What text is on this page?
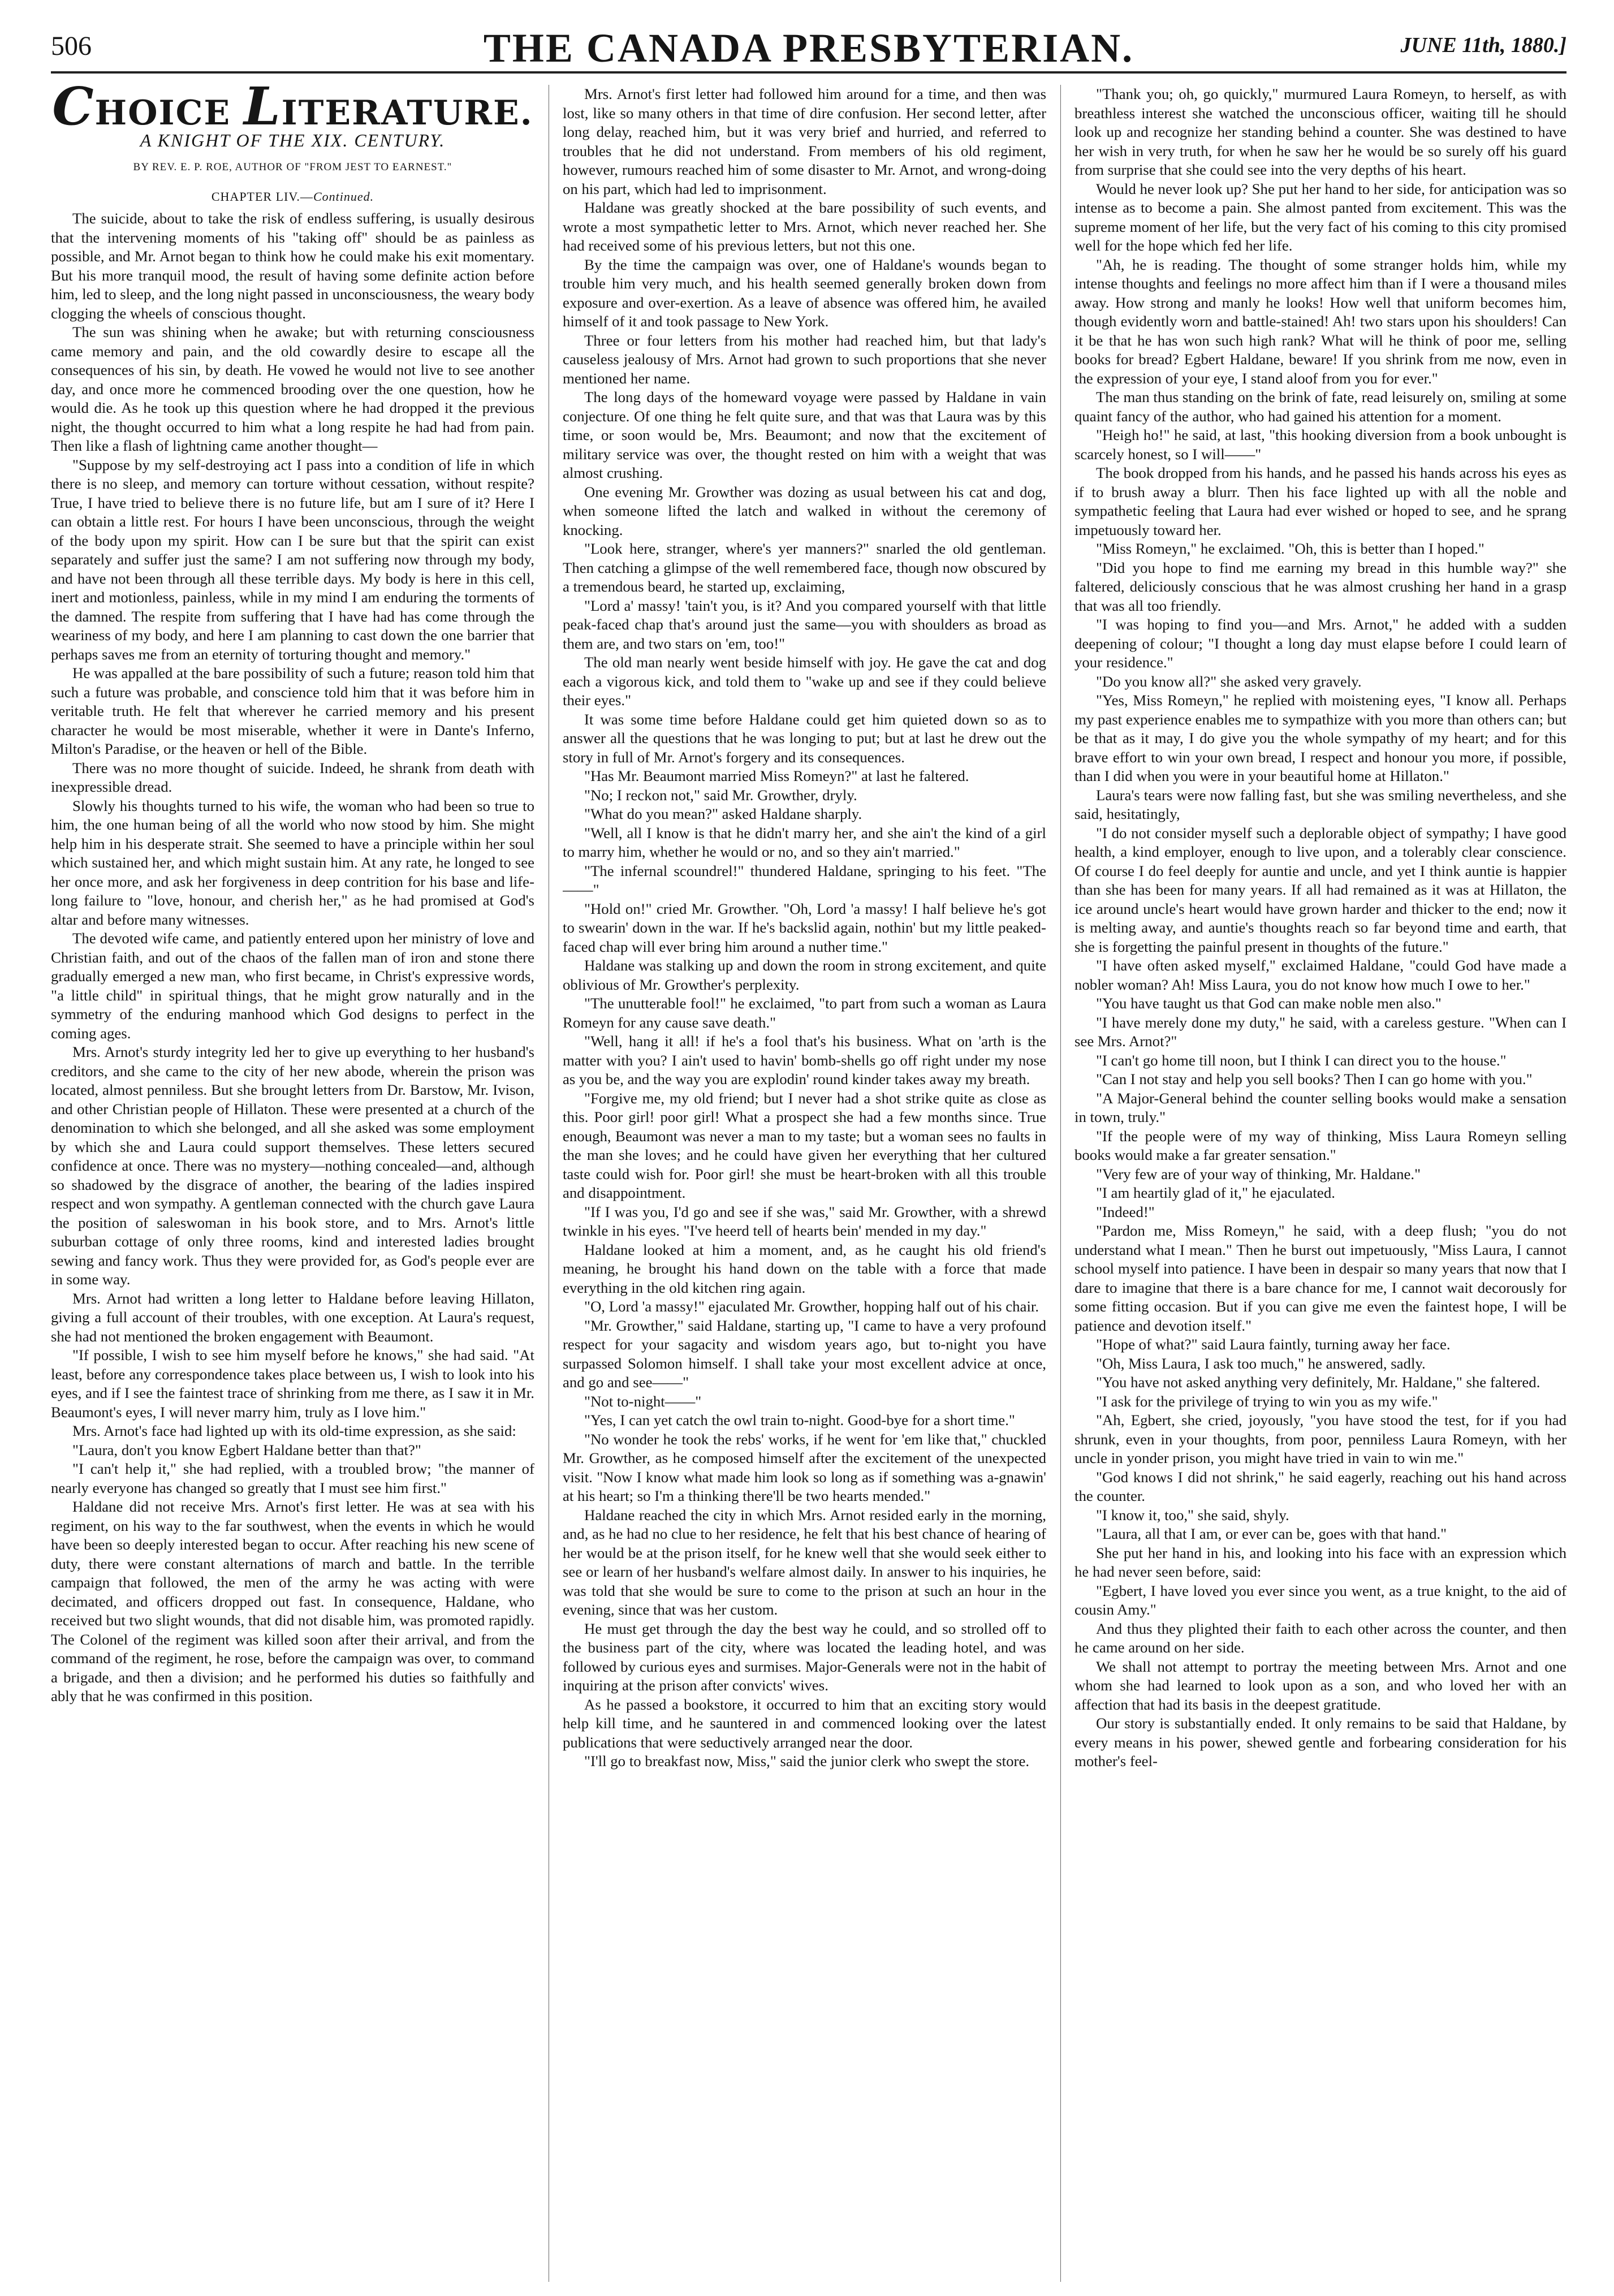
506	THE CANADA PRESBYTERIAN.	JUNE 11th, 1880.]
CHOICE LITERATURE.
A KNIGHT OF THE XIX. CENTURY.
BY REV. E. P. ROE, AUTHOR OF "FROM JEST TO EARNEST."
CHAPTER LIV.—Continued.

The suicide, about to take the risk of endless suffering, is usually desirous that the intervening moments of his "taking off" should be as painless as possible, and Mr. Arnot began to think how he could make his exit momentary. But his more tranquil mood, the result of having some definite action before him, led to sleep, and the long night passed in unconsciousness, the weary body clogging the wheels of conscious thought.

The sun was shining when he awake; but with returning consciousness came memory and pain, and the old cowardly desire to escape all the consequences of his sin, by death. He vowed he would not live to see another day, and once more he commenced brooding over the one question, how he would die. As he took up this question where he had dropped it the previous night, the thought occurred to him what a long respite he had had from pain. Then like a flash of lightning came another thought—

"Suppose by my self-destroying act I pass into a condition of life in which there is no sleep, and memory can torture without cessation, without respite? True, I have tried to believe there is no future life, but am I sure of it? Here I can obtain a little rest. For hours I have been unconscious, through the weight of the body upon my spirit. How can I be sure but that the spirit can exist separately and suffer just the same? I am not suffering now through my body, and have not been through all these terrible days. My body is here in this cell, inert and motionless, painless, while in my mind I am enduring the torments of the damned. The respite from suffering that I have had has come through the weariness of my body, and here I am planning to cast down the one barrier that perhaps saves me from an eternity of torturing thought and memory."

He was appalled at the bare possibility of such a future; reason told him that such a future was probable, and conscience told him that it was before him in veritable truth. He felt that wherever he carried memory and his present character he would be most miserable, whether it were in Dante's Inferno, Milton's Paradise, or the heaven or hell of the Bible.

There was no more thought of suicide. Indeed, he shrank from death with inexpressible dread.

Slowly his thoughts turned to his wife, the woman who had been so true to him, the one human being of all the world who now stood by him. She might help him in his desperate strait. She seemed to have a principle within her soul which sustained her, and which might sustain him. At any rate, he longed to see her once more, and ask her forgiveness in deep contrition for his base and life-long failure to "love, honour, and cherish her," as he had promised at God's altar and before many witnesses.

The devoted wife came, and patiently entered upon her ministry of love and Christian faith, and out of the chaos of the fallen man of iron and stone there gradually emerged a new man, who first became, in Christ's expressive words, "a little child" in spiritual things, that he might grow naturally and in the symmetry of the enduring manhood which God designs to perfect in the coming ages.

Mrs. Arnot's sturdy integrity led her to give up everything to her husband's creditors, and she came to the city of her new abode, wherein the prison was located, almost penniless. But she brought letters from Dr. Barstow, Mr. Ivison, and other Christian people of Hillaton. These were presented at a church of the denomination to which she belonged, and all she asked was some employment by which she and Laura could support themselves. These letters secured confidence at once. There was no mystery—nothing concealed—and, although so shadowed by the disgrace of another, the bearing of the ladies inspired respect and won sympathy. A gentleman connected with the church gave Laura the position of saleswoman in his book store, and to Mrs. Arnot's little suburban cottage of only three rooms, kind and interested ladies brought sewing and fancy work. Thus they were provided for, as God's people ever are in some way.

Mrs. Arnot had written a long letter to Haldane before leaving Hillaton, giving a full account of their troubles, with one exception. At Laura's request, she had not mentioned the broken engagement with Beaumont.

"If possible, I wish to see him myself before he knows," she had said. "At least, before any correspondence takes place between us, I wish to look into his eyes, and if I see the faintest trace of shrinking from me there, as I saw it in Mr. Beaumont's eyes, I will never marry him, truly as I love him."

Mrs. Arnot's face had lighted up with its old-time expression, as she said:

"Laura, don't you know Egbert Haldane better than that?"

"I can't help it," she had replied, with a troubled brow; "the manner of nearly everyone has changed so greatly that I must see him first."

Haldane did not receive Mrs. Arnot's first letter. He was at sea with his regiment, on his way to the far southwest, when the events in which he would have been so deeply interested began to occur. After reaching his new scene of duty, there were constant alternations of march and battle. In the terrible campaign that followed, the men of the army he was acting with were decimated, and officers dropped out fast. In consequence, Haldane, who received but two slight wounds, that did not disable him, was promoted rapidly. The Colonel of the regiment was killed soon after their arrival, and from the command of the regiment, he rose, before the campaign was over, to command a brigade, and then a division; and he performed his duties so faithfully and ably that he was confirmed in this position.

Mrs. Arnot's first letter had followed him around for a time, and then was lost, like so many others in that time of dire confusion. Her second letter, after long delay, reached him, but it was very brief and hurried, and referred to troubles that he did not understand. From members of his old regiment, however, rumours reached him of some disaster to Mr. Arnot, and wrong-doing on his part, which had led to imprisonment.

Haldane was greatly shocked at the bare possibility of such events, and wrote a most sympathetic letter to Mrs. Arnot, which never reached her. She had received some of his previous letters, but not this one.

By the time the campaign was over, one of Haldane's wounds began to trouble him very much, and his health seemed generally broken down from exposure and over-exertion. As a leave of absence was offered him, he availed himself of it and took passage to New York.

Three or four letters from his mother had reached him, but that lady's causeless jealousy of Mrs. Arnot had grown to such proportions that she never mentioned her name.

The long days of the homeward voyage were passed by Haldane in vain conjecture. Of one thing he felt quite sure, and that was that Laura was by this time, or soon would be, Mrs. Beaumont; and now that the excitement of military service was over, the thought rested on him with a weight that was almost crushing.

One evening Mr. Growther was dozing as usual between his cat and dog, when someone lifted the latch and walked in without the ceremony of knocking.

"Look here, stranger, where's yer manners?" snarled the old gentleman. Then catching a glimpse of the well remembered face, though now obscured by a tremendous beard, he started up, exclaiming,

"Lord a' massy! 'tain't you, is it? And you compared yourself with that little peak-faced chap that's around just the same—you with shoulders as broad as them are, and two stars on 'em, too!"

The old man nearly went beside himself with joy. He gave the cat and dog each a vigorous kick, and told them to "wake up and see if they could believe their eyes."

It was some time before Haldane could get him quieted down so as to answer all the questions that he was longing to put; but at last he drew out the story in full of Mr. Arnot's forgery and its consequences.

"Has Mr. Beaumont married Miss Romeyn?" at last he faltered.

"No; I reckon not," said Mr. Growther, dryly.

"What do you mean?" asked Haldane sharply.

"Well, all I know is that he didn't marry her, and she ain't the kind of a girl to marry him, whether he would or no, and so they ain't married."

"The infernal scoundrel!" thundered Haldane, springing to his feet. "The——"

"Hold on!" cried Mr. Growther. "Oh, Lord 'a massy! I half believe he's got to swearin' down in the war. If he's backslid again, nothin' but my little peaked-faced chap will ever bring him around a nuther time."

Haldane was stalking up and down the room in strong excitement, and quite oblivious of Mr. Growther's perplexity.

"The unutterable fool!" he exclaimed, "to part from such a woman as Laura Romeyn for any cause save death."

"Well, hang it all! if he's a fool that's his business. What on 'arth is the matter with you? I ain't used to havin' bomb-shells go off right under my nose as you be, and the way you are explodin' round kinder takes away my breath.

"Forgive me, my old friend; but I never had a shot strike quite as close as this. Poor girl! poor girl! What a prospect she had a few months since. True enough, Beaumont was never a man to my taste; but a woman sees no faults in the man she loves; and he could have given her everything that her cultured taste could wish for. Poor girl! she must be heart-broken with all this trouble and disappointment.

"If I was you, I'd go and see if she was," said Mr. Growther, with a shrewd twinkle in his eyes. "I've heerd tell of hearts bein' mended in my day."

Haldane looked at him a moment, and, as he caught his old friend's meaning, he brought his hand down on the table with a force that made everything in the old kitchen ring again.

"O, Lord 'a massy!" ejaculated Mr. Growther, hopping half out of his chair.

"Mr. Growther," said Haldane, starting up, "I came to have a very profound respect for your sagacity and wisdom years ago, but to-night you have surpassed Solomon himself. I shall take your most excellent advice at once, and go and see——"

"Not to-night——"

"Yes, I can yet catch the owl train to-night. Good-bye for a short time."

"No wonder he took the rebs' works, if he went for 'em like that," chuckled Mr. Growther, as he composed himself after the excitement of the unexpected visit. "Now I know what made him look so long as if something was a-gnawin' at his heart; so I'm a thinking there'll be two hearts mended."

Haldane reached the city in which Mrs. Arnot resided early in the morning, and, as he had no clue to her residence, he felt that his best chance of hearing of her would be at the prison itself, for he knew well that she would seek either to see or learn of her husband's welfare almost daily. In answer to his inquiries, he was told that she would be sure to come to the prison at such an hour in the evening, since that was her custom.

He must get through the day the best way he could, and so strolled off to the business part of the city, where was located the leading hotel, and was followed by curious eyes and surmises. Major-Generals were not in the habit of inquiring at the prison after convicts' wives.

As he passed a bookstore, it occurred to him that an exciting story would help kill time, and he sauntered in and commenced looking over the latest publications that were seductively arranged near the door.

"I'll go to breakfast now, Miss," said the junior clerk who swept the store.

"Thank you; oh, go quickly," murmured Laura Romeyn, to herself, as with breathless interest she watched the unconscious officer, waiting till he should look up and recognize her standing behind a counter. She was destined to have her wish in very truth, for when he saw her he would be so surely off his guard from surprise that she could see into the very depths of his heart.

Would he never look up? She put her hand to her side, for anticipation was so intense as to become a pain. She almost panted from excitement. This was the supreme moment of her life, but the very fact of his coming to this city promised well for the hope which fed her life.

"Ah, he is reading. The thought of some stranger holds him, while my intense thoughts and feelings no more affect him than if I were a thousand miles away. How strong and manly he looks! How well that uniform becomes him, though evidently worn and battle-stained! Ah! two stars upon his shoulders! Can it be that he has won such high rank? What will he think of poor me, selling books for bread? Egbert Haldane, beware! If you shrink from me now, even in the expression of your eye, I stand aloof from you for ever."

The man thus standing on the brink of fate, read leisurely on, smiling at some quaint fancy of the author, who had gained his attention for a moment.

"Heigh ho!" he said, at last, "this hooking diversion from a book unbought is scarcely honest, so I will——"

The book dropped from his hands, and he passed his hands across his eyes as if to brush away a blurr. Then his face lighted up with all the noble and sympathetic feeling that Laura had ever wished or hoped to see, and he sprang impetuously toward her.

"Miss Romeyn," he exclaimed. "Oh, this is better than I hoped."

"Did you hope to find me earning my bread in this humble way?" she faltered, deliciously conscious that he was almost crushing her hand in a grasp that was all too friendly.

"I was hoping to find you—and Mrs. Arnot," he added with a sudden deepening of colour; "I thought a long day must elapse before I could learn of your residence."

"Do you know all?" she asked very gravely.

"Yes, Miss Romeyn," he replied with moistening eyes, "I know all. Perhaps my past experience enables me to sympathize with you more than others can; but be that as it may, I do give you the whole sympathy of my heart; and for this brave effort to win your own bread, I respect and honour you more, if possible, than I did when you were in your beautiful home at Hillaton."

Laura's tears were now falling fast, but she was smiling nevertheless, and she said, hesitatingly,

"I do not consider myself such a deplorable object of sympathy; I have good health, a kind employer, enough to live upon, and a tolerably clear conscience. Of course I do feel deeply for auntie and uncle, and yet I think auntie is happier than she has been for many years. If all had remained as it was at Hillaton, the ice around uncle's heart would have grown harder and thicker to the end; now it is melting away, and auntie's thoughts reach so far beyond time and earth, that she is forgetting the painful present in thoughts of the future."

"I have often asked myself," exclaimed Haldane, "could God have made a nobler woman? Ah! Miss Laura, you do not know how much I owe to her."

"You have taught us that God can make noble men also."

"I have merely done my duty," he said, with a careless gesture. "When can I see Mrs. Arnot?"

"I can't go home till noon, but I think I can direct you to the house."

"Can I not stay and help you sell books? Then I can go home with you."

"A Major-General behind the counter selling books would make a sensation in town, truly."

"If the people were of my way of thinking, Miss Laura Romeyn selling books would make a far greater sensation."

"Very few are of your way of thinking, Mr. Haldane."

"I am heartily glad of it," he ejaculated.

"Indeed!"

"Pardon me, Miss Romeyn," he said, with a deep flush; "you do not understand what I mean." Then he burst out impetuously, "Miss Laura, I cannot school myself into patience. I have been in despair so many years that now that I dare to imagine that there is a bare chance for me, I cannot wait decorously for some fitting occasion. But if you can give me even the faintest hope, I will be patience and devotion itself."

"Hope of what?" said Laura faintly, turning away her face.

"Oh, Miss Laura, I ask too much," he answered, sadly.

"You have not asked anything very definitely, Mr. Haldane," she faltered.

"I ask for the privilege of trying to win you as my wife."

"Ah, Egbert, she cried, joyously, "you have stood the test, for if you had shrunk, even in your thoughts, from poor, penniless Laura Romeyn, with her uncle in yonder prison, you might have tried in vain to win me."

"God knows I did not shrink," he said eagerly, reaching out his hand across the counter.

"I know it, too," she said, shyly.

"Laura, all that I am, or ever can be, goes with that hand."

She put her hand in his, and looking into his face with an expression which he had never seen before, said:

"Egbert, I have loved you ever since you went, as a true knight, to the aid of cousin Amy."

And thus they plighted their faith to each other across the counter, and then he came around on her side.

We shall not attempt to portray the meeting between Mrs. Arnot and one whom she had learned to look upon as a son, and who loved her with an affection that had its basis in the deepest gratitude.

Our story is substantially ended. It only remains to be said that Haldane, by every means in his power, shewed gentle and forbearing consideration for his mother's feel-
